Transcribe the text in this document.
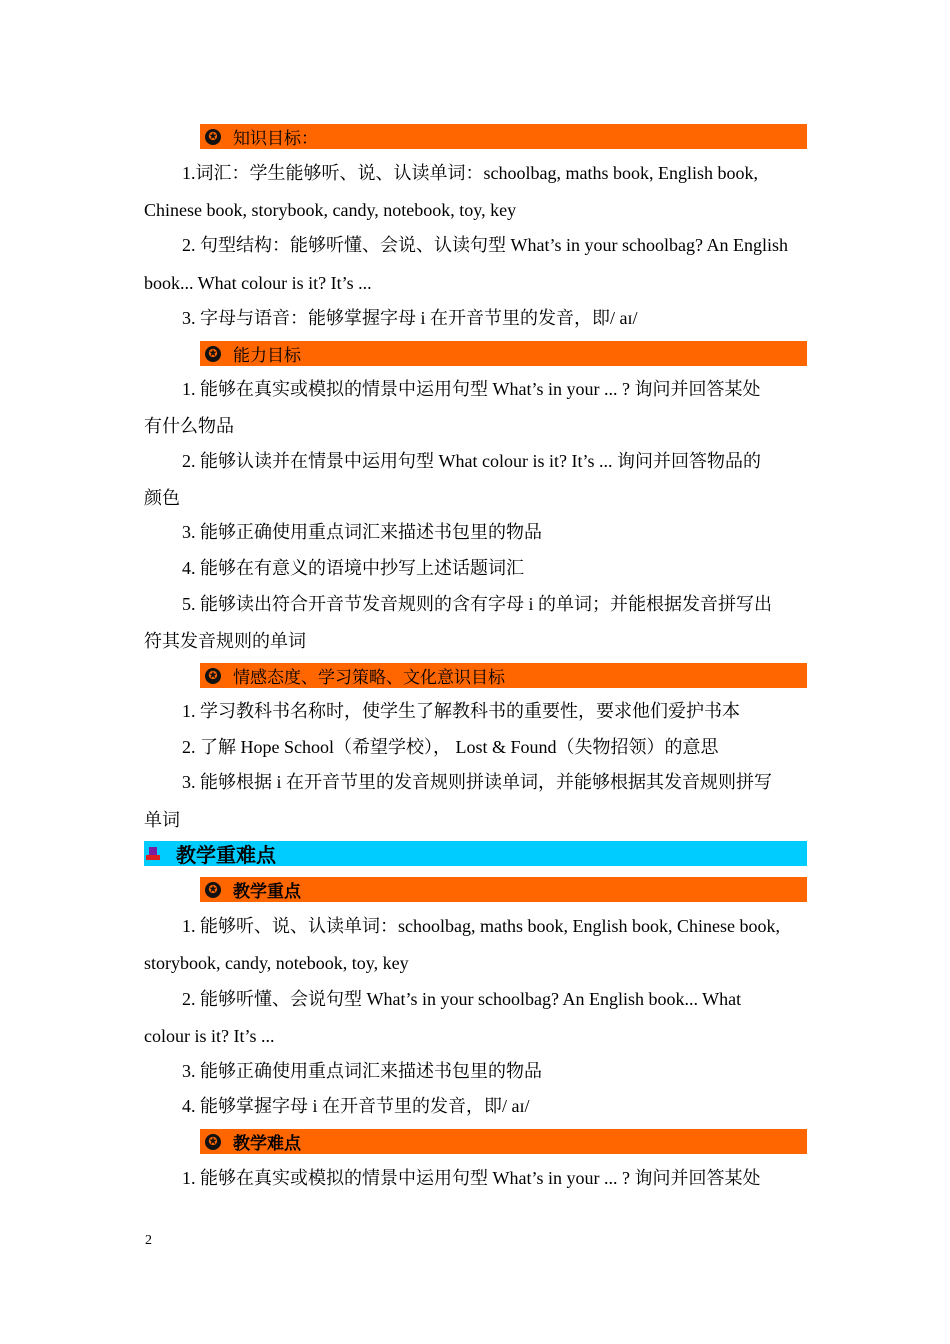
✪ 知识目标：
1.词汇：学生能够听、说、认读单词：schoolbag, maths book, English book,
Chinese book, storybook, candy, notebook, toy, key
2. 句型结构：能够听懂、会说、认读句型 What’s in your schoolbag? An English
book... What colour is it? It’s ...
3. 字母与语音：能够掌握字母 i 在开音节里的发音，即/ aɪ/
✪ 能力目标
1. 能够在真实或模拟的情景中运用句型 What’s in your ... ? 询问并回答某处
有什么物品
2. 能够认读并在情景中运用句型 What colour is it? It’s ... 询问并回答物品的
颜色
3. 能够正确使用重点词汇来描述书包里的物品
4. 能够在有意义的语境中抄写上述话题词汇
5. 能够读出符合开音节发音规则的含有字母 i 的单词；并能根据发音拼写出
符其发音规则的单词
✪ 情感态度、学习策略、文化意识目标
1. 学习教科书名称时，使学生了解教科书的重要性，要求他们爱护书本
2. 了解 Hope School（希望学校）， Lost & Found（失物招领）的意思
3. 能够根据 i 在开音节里的发音规则拼读单词，并能够根据其发音规则拼写
单词
教学重难点
✪ 教学重点
1. 能够听、说、认读单词：schoolbag, maths book, English book, Chinese book,
storybook, candy, notebook, toy, key
2. 能够听懂、会说句型 What’s in your schoolbag? An English book... What
colour is it? It’s ...
3. 能够正确使用重点词汇来描述书包里的物品
4. 能够掌握字母 i 在开音节里的发音，即/ aɪ/
✪ 教学难点
1. 能够在真实或模拟的情景中运用句型 What’s in your ... ? 询问并回答某处
2
